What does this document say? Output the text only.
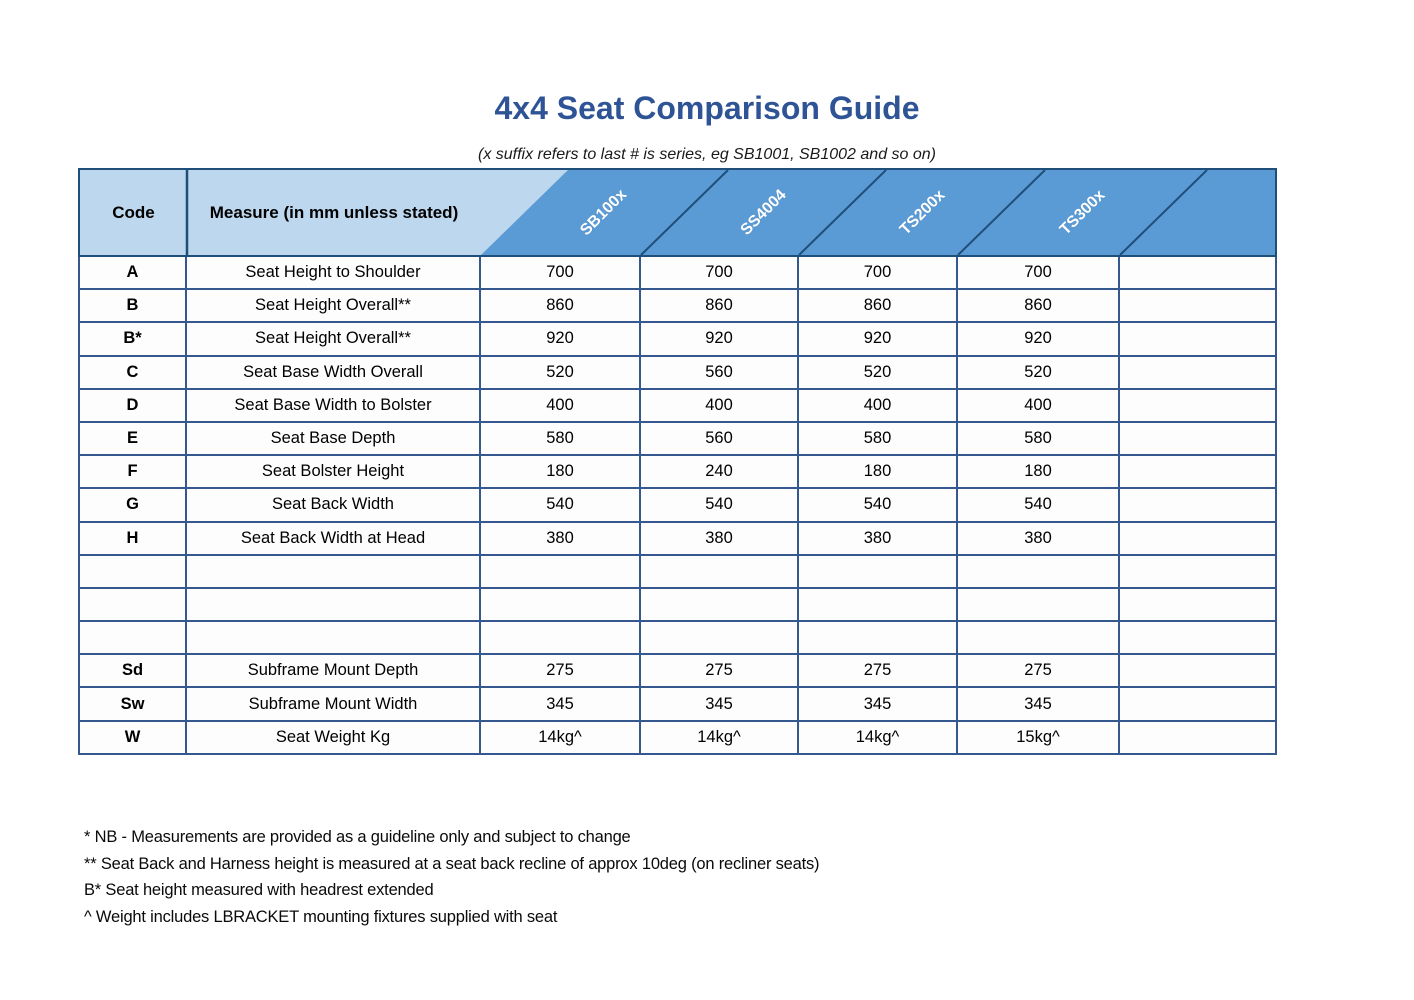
4x4 Seat Comparison Guide
(x suffix refers to last # is series, eg SB1001, SB1002 and so on)
Code	Measure (in mm unless stated)	SB100x	SS4004	TS200x	TS300x
A	Seat Height to Shoulder	700	700	700	700	
B	Seat Height Overall**	860	860	860	860	
B*	Seat Height Overall**	920	920	920	920	
C	Seat Base Width Overall	520	560	520	520	
D	Seat Base Width to Bolster	400	400	400	400	
E	Seat Base Depth	580	560	580	580	
F	Seat Bolster Height	180	240	180	180	
G	Seat Back Width	540	540	540	540	
H	Seat Back Width at Head	380	380	380	380	

Sd	Subframe Mount Depth	275	275	275	275	
Sw	Subframe Mount Width	345	345	345	345	
W	Seat Weight Kg	14kg^	14kg^	14kg^	15kg^	
* NB - Measurements are provided as a guideline only and subject to change
** Seat Back and Harness height is measured at a seat back recline of approx 10deg (on recliner seats)
B* Seat height measured with headrest extended
^ Weight includes LBRACKET mounting fixtures supplied with seat
